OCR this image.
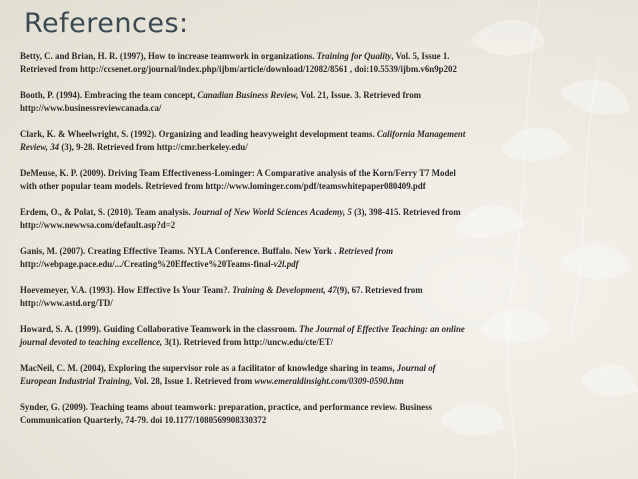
References:
Betty, C. and Brian, H. R. (1997), How to increase teamwork in organizations. Training for Quality, Vol. 5, Issue 1.
Retrieved from http://ccsenet.org/journal/index.php/ijbm/article/download/12082/8561 , doi:10.5539/ijbm.v6n9p202
Booth, P. (1994). Embracing the team concept, Canadian Business Review, Vol. 21, Issue. 3. Retrieved from
http://www.businessreviewcanada.ca/
Clark, K. & Wheelwright, S. (1992). Organizing and leading heavyweight development teams. California Management
Review, 34 (3), 9-28. Retrieved from http://cmr.berkeley.edu/
DeMeuse, K. P. (2009). Driving Team Effectiveness-Lominger: A Comparative analysis of the Korn/Ferry T7 Model
with other popular team models. Retrieved from http://www.lominger.com/pdf/teamswhitepaper080409.pdf
Erdem, O., & Polat, S. (2010). Team analysis. Journal of New World Sciences Academy, 5 (3), 398-415. Retrieved from
http://www.newwsa.com/default.asp?d=2
Ganis, M. (2007). Creating Effective Teams. NYLA Conference. Buffalo. New York . Retrieved from
http://webpage.pace.edu/.../Creating%20Effective%20Teams-final-v2l.pdf
Hoevemeyer, V.A. (1993). How Effective Is Your Team?. Training & Development, 47(9), 67. Retrieved from
http://www.astd.org/TD/
Howard, S. A. (1999). Guiding Collaborative Teamwork in the classroom. The Journal of Effective Teaching: an online
journal devoted to teaching excellence, 3(1). Retrieved from http://uncw.edu/cte/ET/
MacNeil, C. M. (2004), Exploring the supervisor role as a facilitator of knowledge sharing in teams, Journal of
European Industrial Training, Vol. 28, Issue 1. Retrieved from www.emeraldinsight.com/0309-0590.htm
Synder, G. (2009). Teaching teams about teamwork: preparation, practice, and performance review. Business
Communication Quarterly, 74-79. doi 10.1177/1080569908330372
